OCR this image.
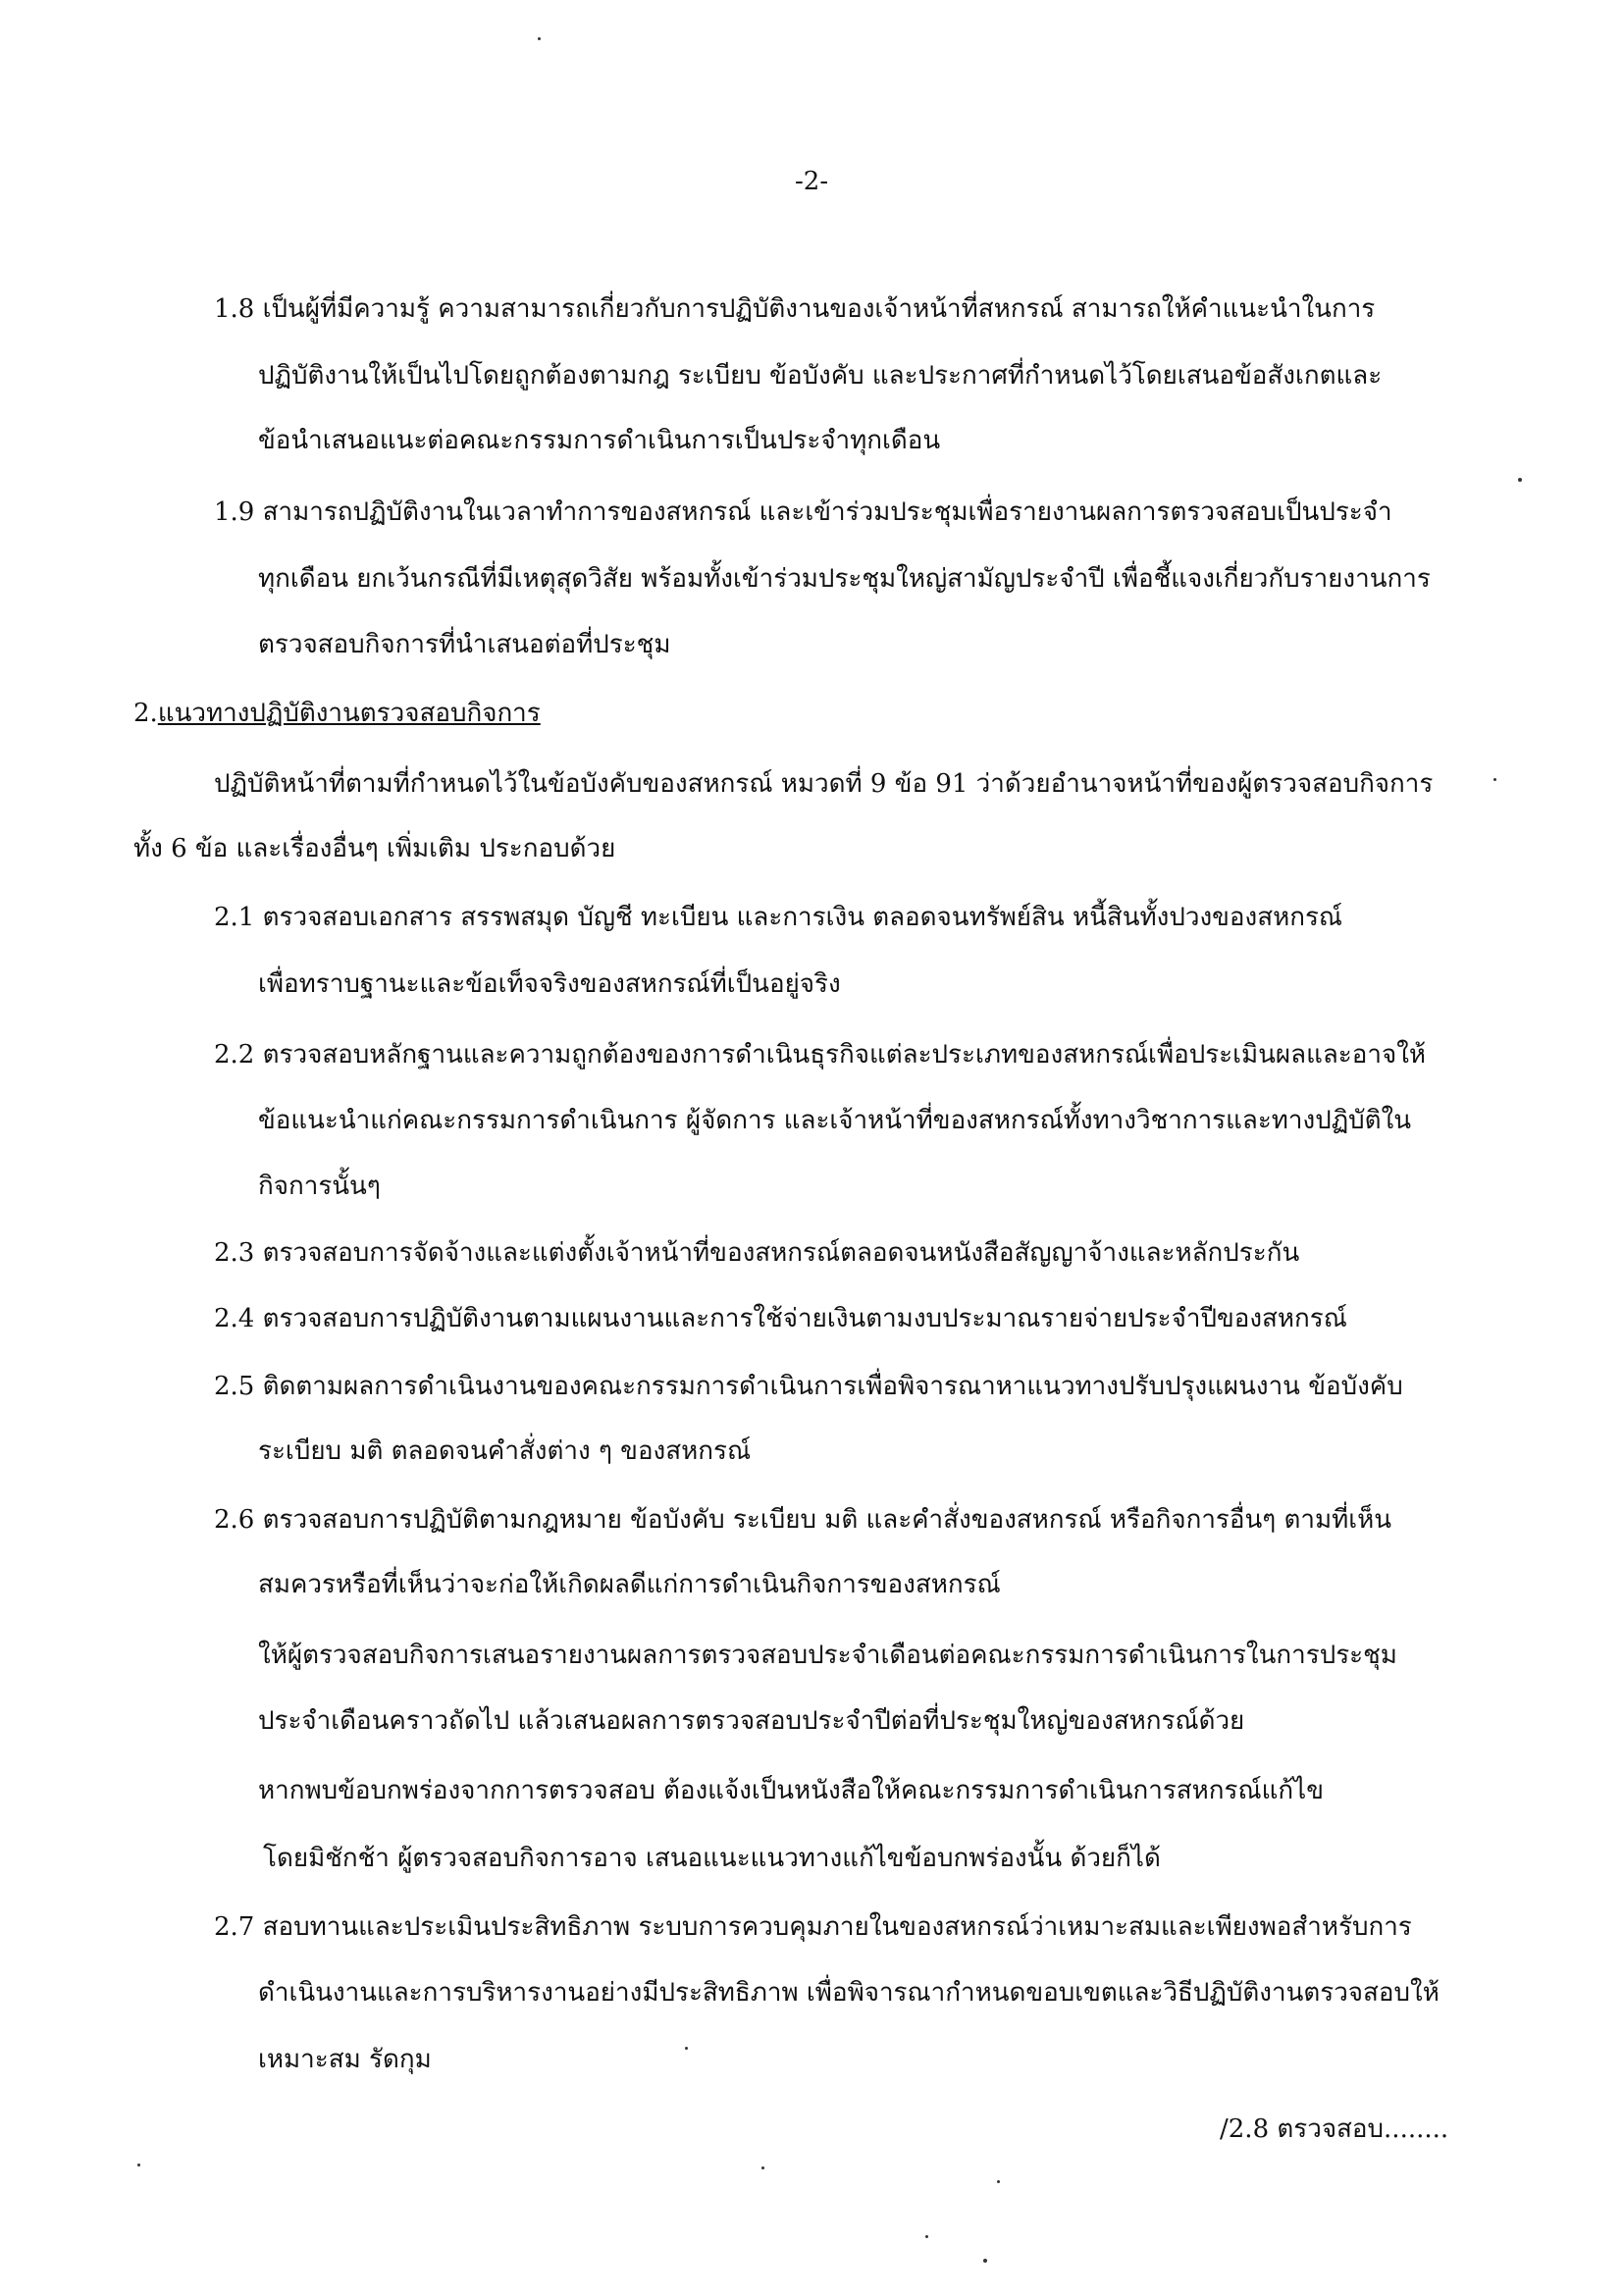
-2-
1.8 เป็นผู้ที่มีความรู้ ความสามารถเกี่ยวกับการปฏิบัติงานของเจ้าหน้าที่สหกรณ์ สามารถให้คำแนะนำในการ
ปฏิบัติงานให้เป็นไปโดยถูกต้องตามกฎ ระเบียบ ข้อบังคับ และประกาศที่กำหนดไว้โดยเสนอข้อสังเกตและ
ข้อนำเสนอแนะต่อคณะกรรมการดำเนินการเป็นประจำทุกเดือน
1.9 สามารถปฏิบัติงานในเวลาทำการของสหกรณ์ และเข้าร่วมประชุมเพื่อรายงานผลการตรวจสอบเป็นประจำ
ทุกเดือน ยกเว้นกรณีที่มีเหตุสุดวิสัย พร้อมทั้งเข้าร่วมประชุมใหญ่สามัญประจำปี เพื่อชี้แจงเกี่ยวกับรายงานการ
ตรวจสอบกิจการที่นำเสนอต่อที่ประชุม
2.แนวทางปฏิบัติงานตรวจสอบกิจการ
ปฏิบัติหน้าที่ตามที่กำหนดไว้ในข้อบังคับของสหกรณ์ หมวดที่ 9 ข้อ 91 ว่าด้วยอำนาจหน้าที่ของผู้ตรวจสอบกิจการ
ทั้ง 6 ข้อ และเรื่องอื่นๆ เพิ่มเติม ประกอบด้วย
2.1 ตรวจสอบเอกสาร สรรพสมุด บัญชี ทะเบียน และการเงิน ตลอดจนทรัพย์สิน หนี้สินทั้งปวงของสหกรณ์
เพื่อทราบฐานะและข้อเท็จจริงของสหกรณ์ที่เป็นอยู่จริง
2.2 ตรวจสอบหลักฐานและความถูกต้องของการดำเนินธุรกิจแต่ละประเภทของสหกรณ์เพื่อประเมินผลและอาจให้
ข้อแนะนำแก่คณะกรรมการดำเนินการ ผู้จัดการ และเจ้าหน้าที่ของสหกรณ์ทั้งทางวิชาการและทางปฏิบัติใน
กิจการนั้นๆ
2.3 ตรวจสอบการจัดจ้างและแต่งตั้งเจ้าหน้าที่ของสหกรณ์ตลอดจนหนังสือสัญญาจ้างและหลักประกัน
2.4 ตรวจสอบการปฏิบัติงานตามแผนงานและการใช้จ่ายเงินตามงบประมาณรายจ่ายประจำปีของสหกรณ์
2.5 ติดตามผลการดำเนินงานของคณะกรรมการดำเนินการเพื่อพิจารณาหาแนวทางปรับปรุงแผนงาน ข้อบังคับ
ระเบียบ มติ ตลอดจนคำสั่งต่าง ๆ ของสหกรณ์
2.6 ตรวจสอบการปฏิบัติตามกฎหมาย ข้อบังคับ ระเบียบ มติ และคำสั่งของสหกรณ์ หรือกิจการอื่นๆ ตามที่เห็น
สมควรหรือที่เห็นว่าจะก่อให้เกิดผลดีแก่การดำเนินกิจการของสหกรณ์
ให้ผู้ตรวจสอบกิจการเสนอรายงานผลการตรวจสอบประจำเดือนต่อคณะกรรมการดำเนินการในการประชุม
ประจำเดือนคราวถัดไป แล้วเสนอผลการตรวจสอบประจำปีต่อที่ประชุมใหญ่ของสหกรณ์ด้วย
หากพบข้อบกพร่องจากการตรวจสอบ ต้องแจ้งเป็นหนังสือให้คณะกรรมการดำเนินการสหกรณ์แก้ไข
โดยมิชักช้า ผู้ตรวจสอบกิจการอาจ เสนอแนะแนวทางแก้ไขข้อบกพร่องนั้น ด้วยก็ได้
2.7 สอบทานและประเมินประสิทธิภาพ ระบบการควบคุมภายในของสหกรณ์ว่าเหมาะสมและเพียงพอสำหรับการ
ดำเนินงานและการบริหารงานอย่างมีประสิทธิภาพ เพื่อพิจารณากำหนดขอบเขตและวิธีปฏิบัติงานตรวจสอบให้
เหมาะสม รัดกุม
/2.8 ตรวจสอบ........
